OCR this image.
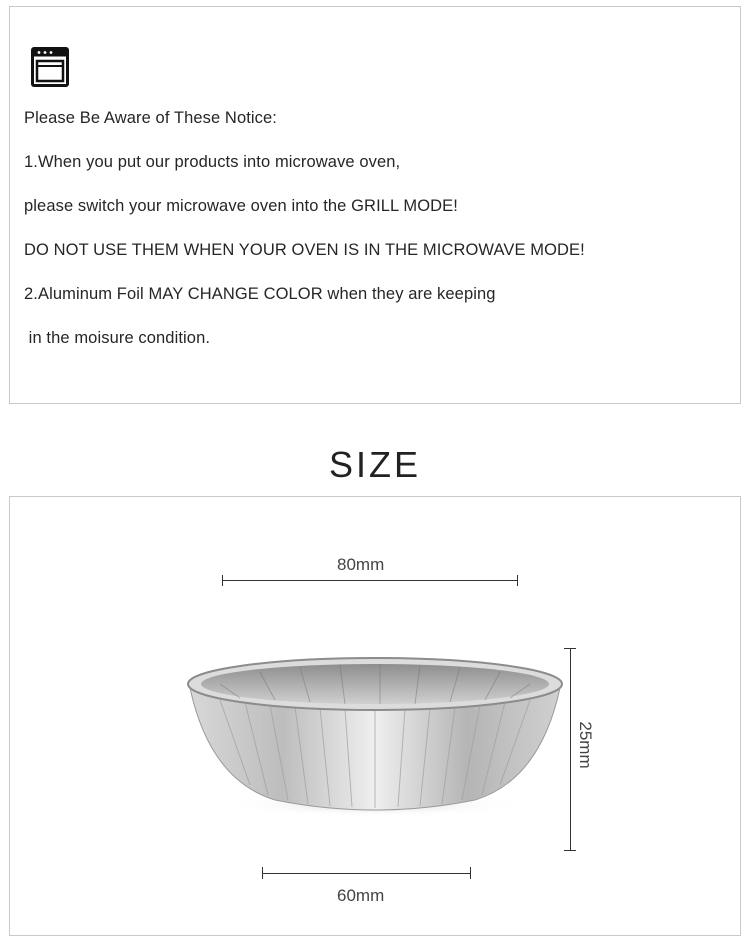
Please Be Aware of These Notice:
1.When you put our products into microwave oven,
please switch your microwave oven into the GRILL MODE!
DO NOT USE THEM WHEN YOUR OVEN IS IN THE MICROWAVE MODE!
2.Aluminum Foil MAY CHANGE COLOR when they are keeping
in the moisure condition.
SIZE
80mm
25mm
60mm
